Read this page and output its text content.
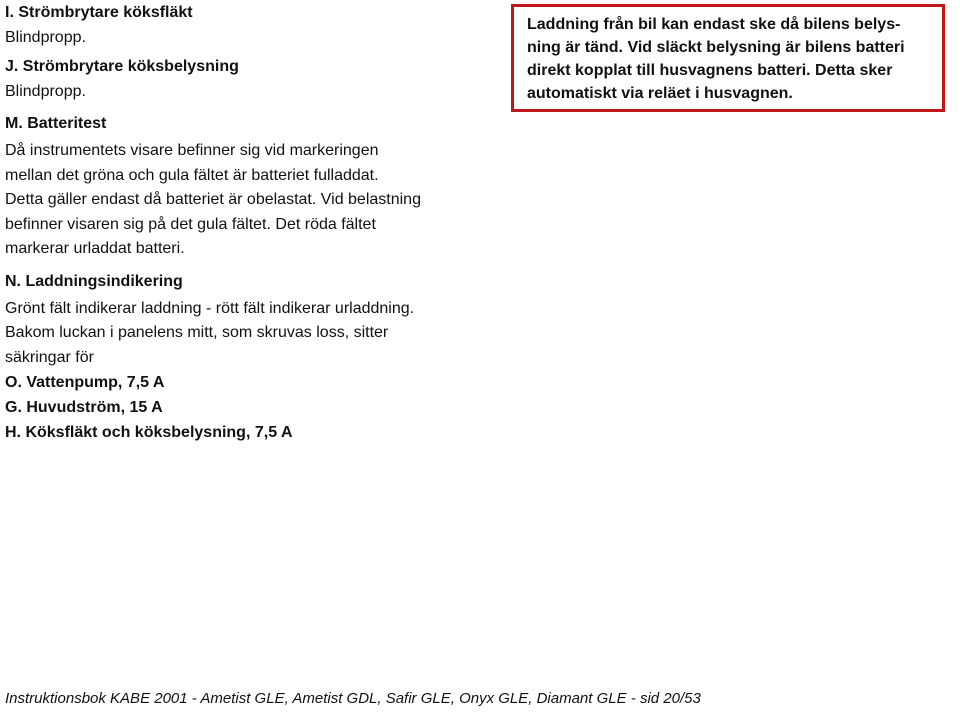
I. Strömbrytare köksfläkt
Blindpropp.
J. Strömbrytare köksbelysning
Blindpropp.
M. Batteritest
Då instrumentets visare befinner sig vid markeringen
mellan det gröna och gula fältet är batteriet fulladdat.
Detta gäller endast då batteriet är obelastat. Vid belastning
befinner visaren sig på det gula fältet. Det röda fältet
markerar urladdat batteri.
N. Laddningsindikering
Grönt fält indikerar laddning - rött fält indikerar urladdning.
Bakom luckan i panelens mitt, som skruvas loss, sitter
säkringar för
O. Vattenpump, 7,5 A
G. Huvudström, 15 A
H. Köksfläkt och köksbelysning, 7,5 A
Laddning från bil kan endast ske då bilens belys-
ning är tänd. Vid släckt belysning är bilens batteri
direkt kopplat till husvagnens batteri. Detta sker
automatiskt via reläet i husvagnen.
Instruktionsbok KABE 2001 - Ametist GLE, Ametist GDL, Safir GLE, Onyx GLE, Diamant GLE - sid 20/53
